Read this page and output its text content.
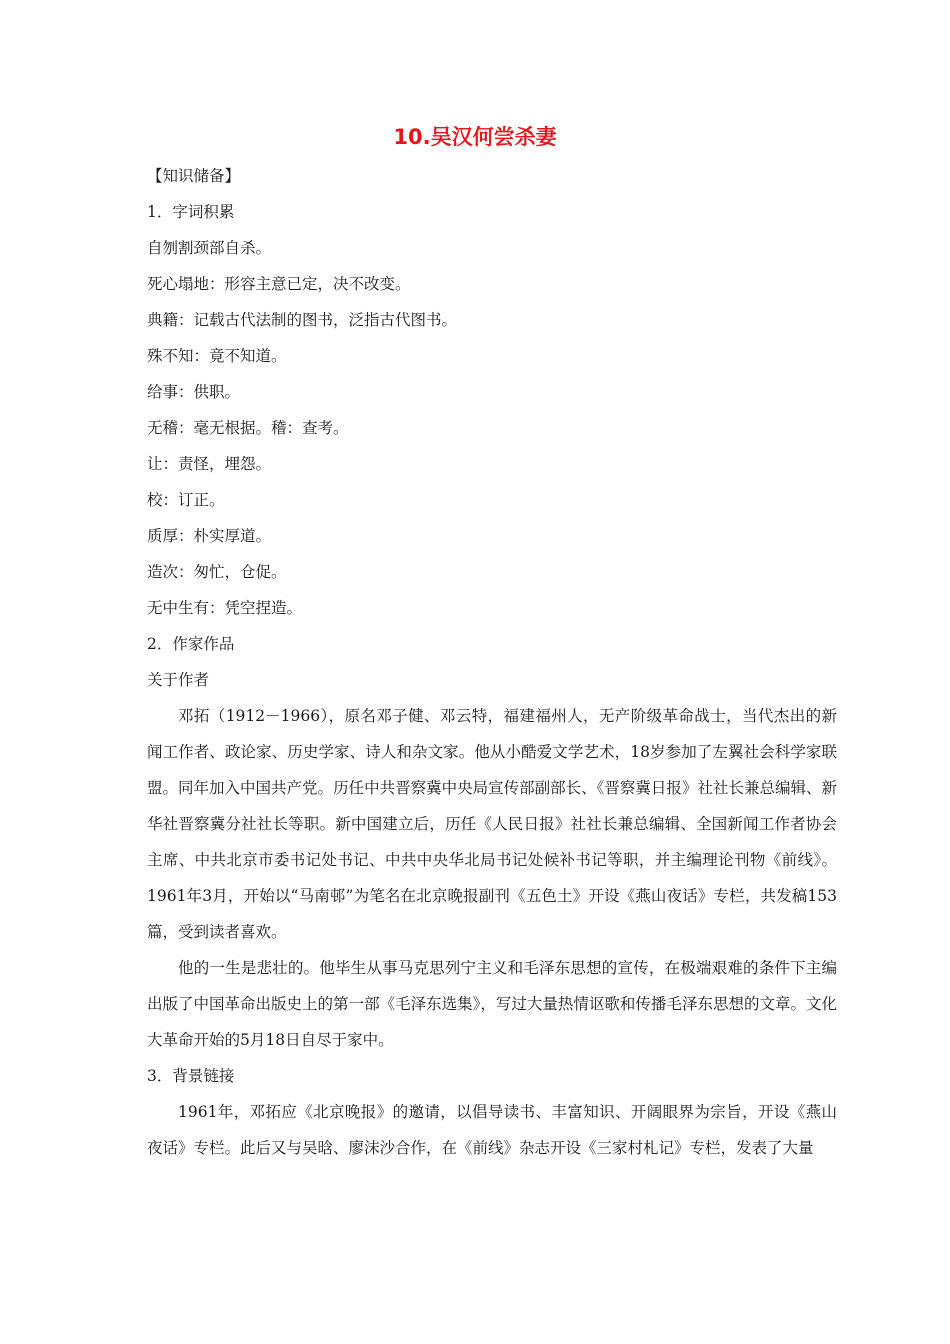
10.吴汉何尝杀妻
【知识储备】
1．字词积累
自刎割颈部自杀。
死心塌地：形容主意已定，决不改变。
典籍：记载古代法制的图书，泛指古代图书。
殊不知：竟不知道。
给事：供职。
无稽：毫无根据。稽：查考。
让：责怪，埋怨。
校：订正。
质厚：朴实厚道。
造次：匆忙，仓促。
无中生有：凭空捏造。
2．作家作品
关于作者

邓拓（1912－1966），原名邓子健、邓云特，福建福州人，无产阶级革命战士，当代杰出的新闻工作者、政论家、历史学家、诗人和杂文家。他从小酷爱文学艺术，18岁参加了左翼社会科学家联盟。同年加入中国共产党。历任中共晋察冀中央局宣传部副部长、《晋察冀日报》社社长兼总编辑、新华社晋察冀分社社长等职。新中国建立后，历任《人民日报》社社长兼总编辑、全国新闻工作者协会主席、中共北京市委书记处书记、中共中央华北局书记处候补书记等职，并主编理论刊物《前线》。1961年3月，开始以“马南邨”为笔名在北京晚报副刊《五色土》开设《燕山夜话》专栏，共发稿153篇，受到读者喜欢。

他的一生是悲壮的。他毕生从事马克思列宁主义和毛泽东思想的宣传，在极端艰难的条件下主编出版了中国革命出版史上的第一部《毛泽东选集》，写过大量热情讴歌和传播毛泽东思想的文章。文化大革命开始的5月18日自尽于家中。

3．背景链接

1961年，邓拓应《北京晚报》的邀请，以倡导读书、丰富知识、开阔眼界为宗旨，开设《燕山夜话》专栏。此后又与吴晗、廖沫沙合作，在《前线》杂志开设《三家村札记》专栏，发表了大量
